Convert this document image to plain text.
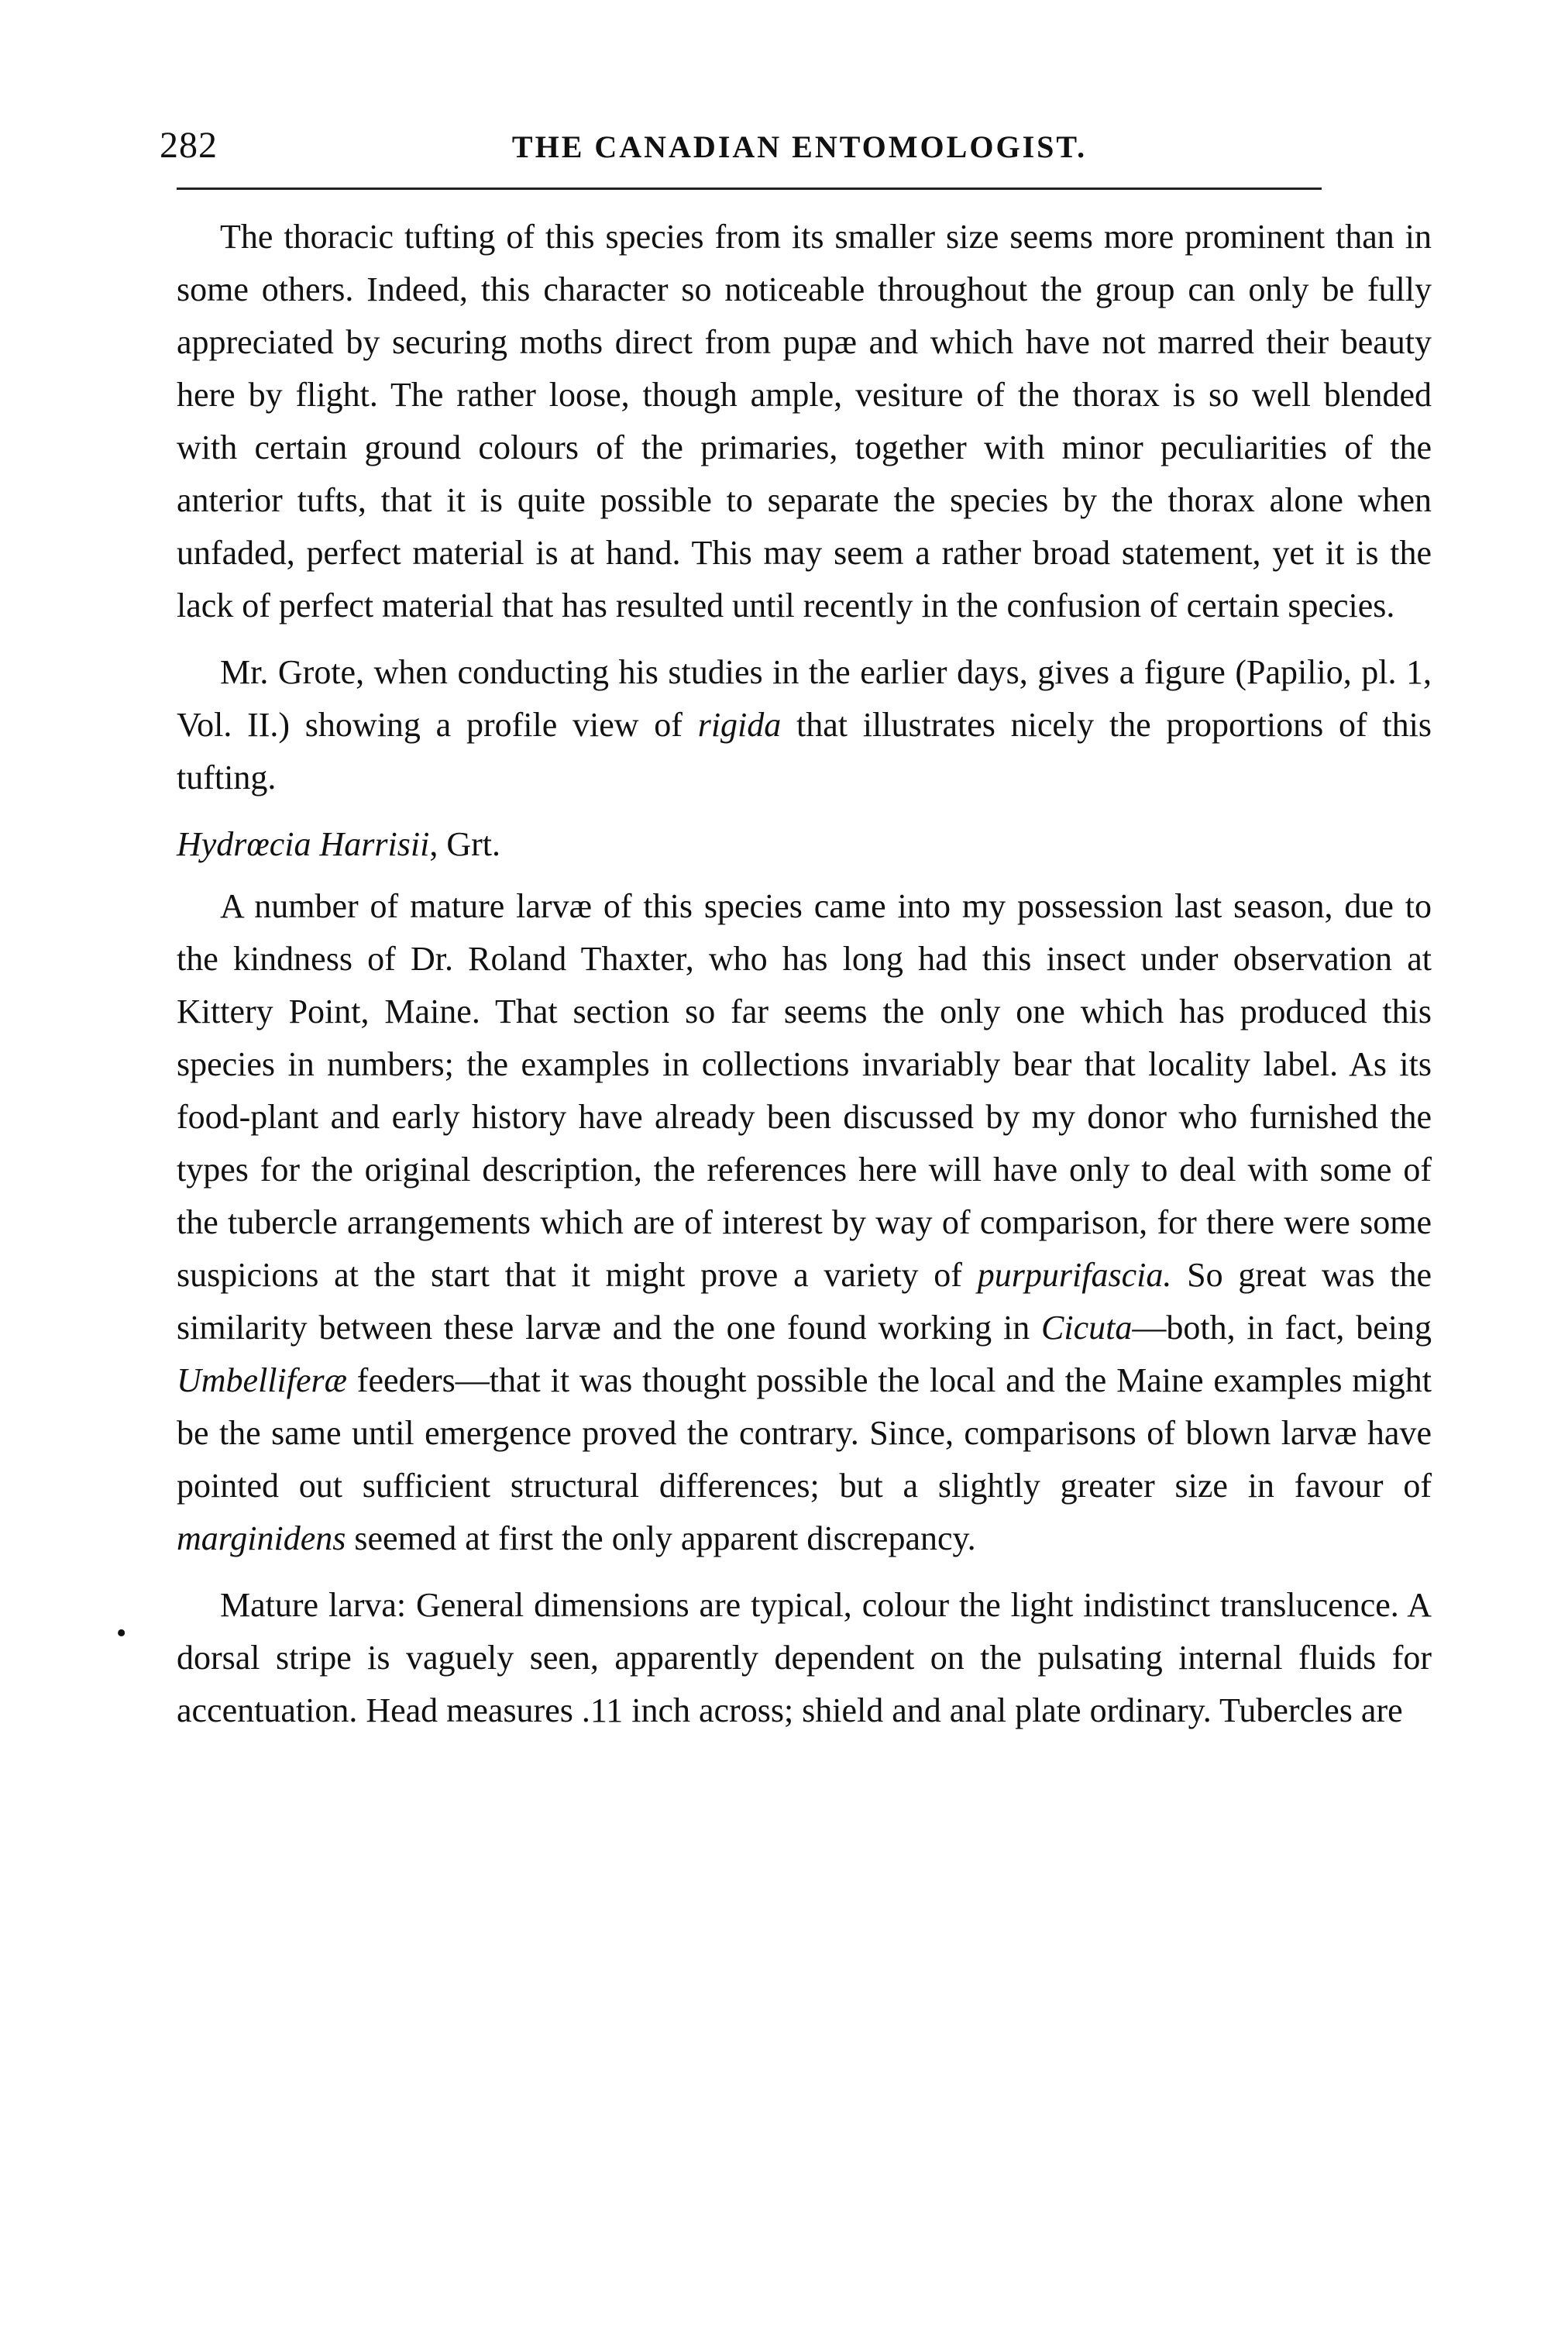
282	THE CANADIAN ENTOMOLOGIST.
•

The thoracic tufting of this species from its smaller size seems more prominent than in some others. Indeed, this character so noticeable throughout the group can only be fully appreciated by securing moths direct from pupæ and which have not marred their beauty here by flight. The rather loose, though ample, vesiture of the thorax is so well blended with certain ground colours of the primaries, together with minor peculiarities of the anterior tufts, that it is quite possible to separate the species by the thorax alone when unfaded, perfect material is at hand. This may seem a rather broad statement, yet it is the lack of perfect material that has resulted until recently in the confusion of certain species.

Mr. Grote, when conducting his studies in the earlier days, gives a figure (Papilio, pl. 1, Vol. II.) showing a profile view of rigida that illustrates nicely the proportions of this tufting.

Hydrœcia Harrisii, Grt.

A number of mature larvæ of this species came into my possession last season, due to the kindness of Dr. Roland Thaxter, who has long had this insect under observation at Kittery Point, Maine. That section so far seems the only one which has produced this species in numbers; the examples in collections invariably bear that locality label. As its food-plant and early history have already been discussed by my donor who furnished the types for the original description, the references here will have only to deal with some of the tubercle arrangements which are of interest by way of comparison, for there were some suspicions at the start that it might prove a variety of purpurifascia. So great was the similarity between these larvæ and the one found working in Cicuta—both, in fact, being Umbelliferæ feeders—that it was thought possible the local and the Maine examples might be the same until emergence proved the contrary. Since, comparisons of blown larvæ have pointed out sufficient structural differences; but a slightly greater size in favour of marginidens seemed at first the only apparent discrepancy.

Mature larva: General dimensions are typical, colour the light indistinct translucence. A dorsal stripe is vaguely seen, apparently dependent on the pulsating internal fluids for accentuation. Head measures .11 inch across; shield and anal plate ordinary. Tubercles are
